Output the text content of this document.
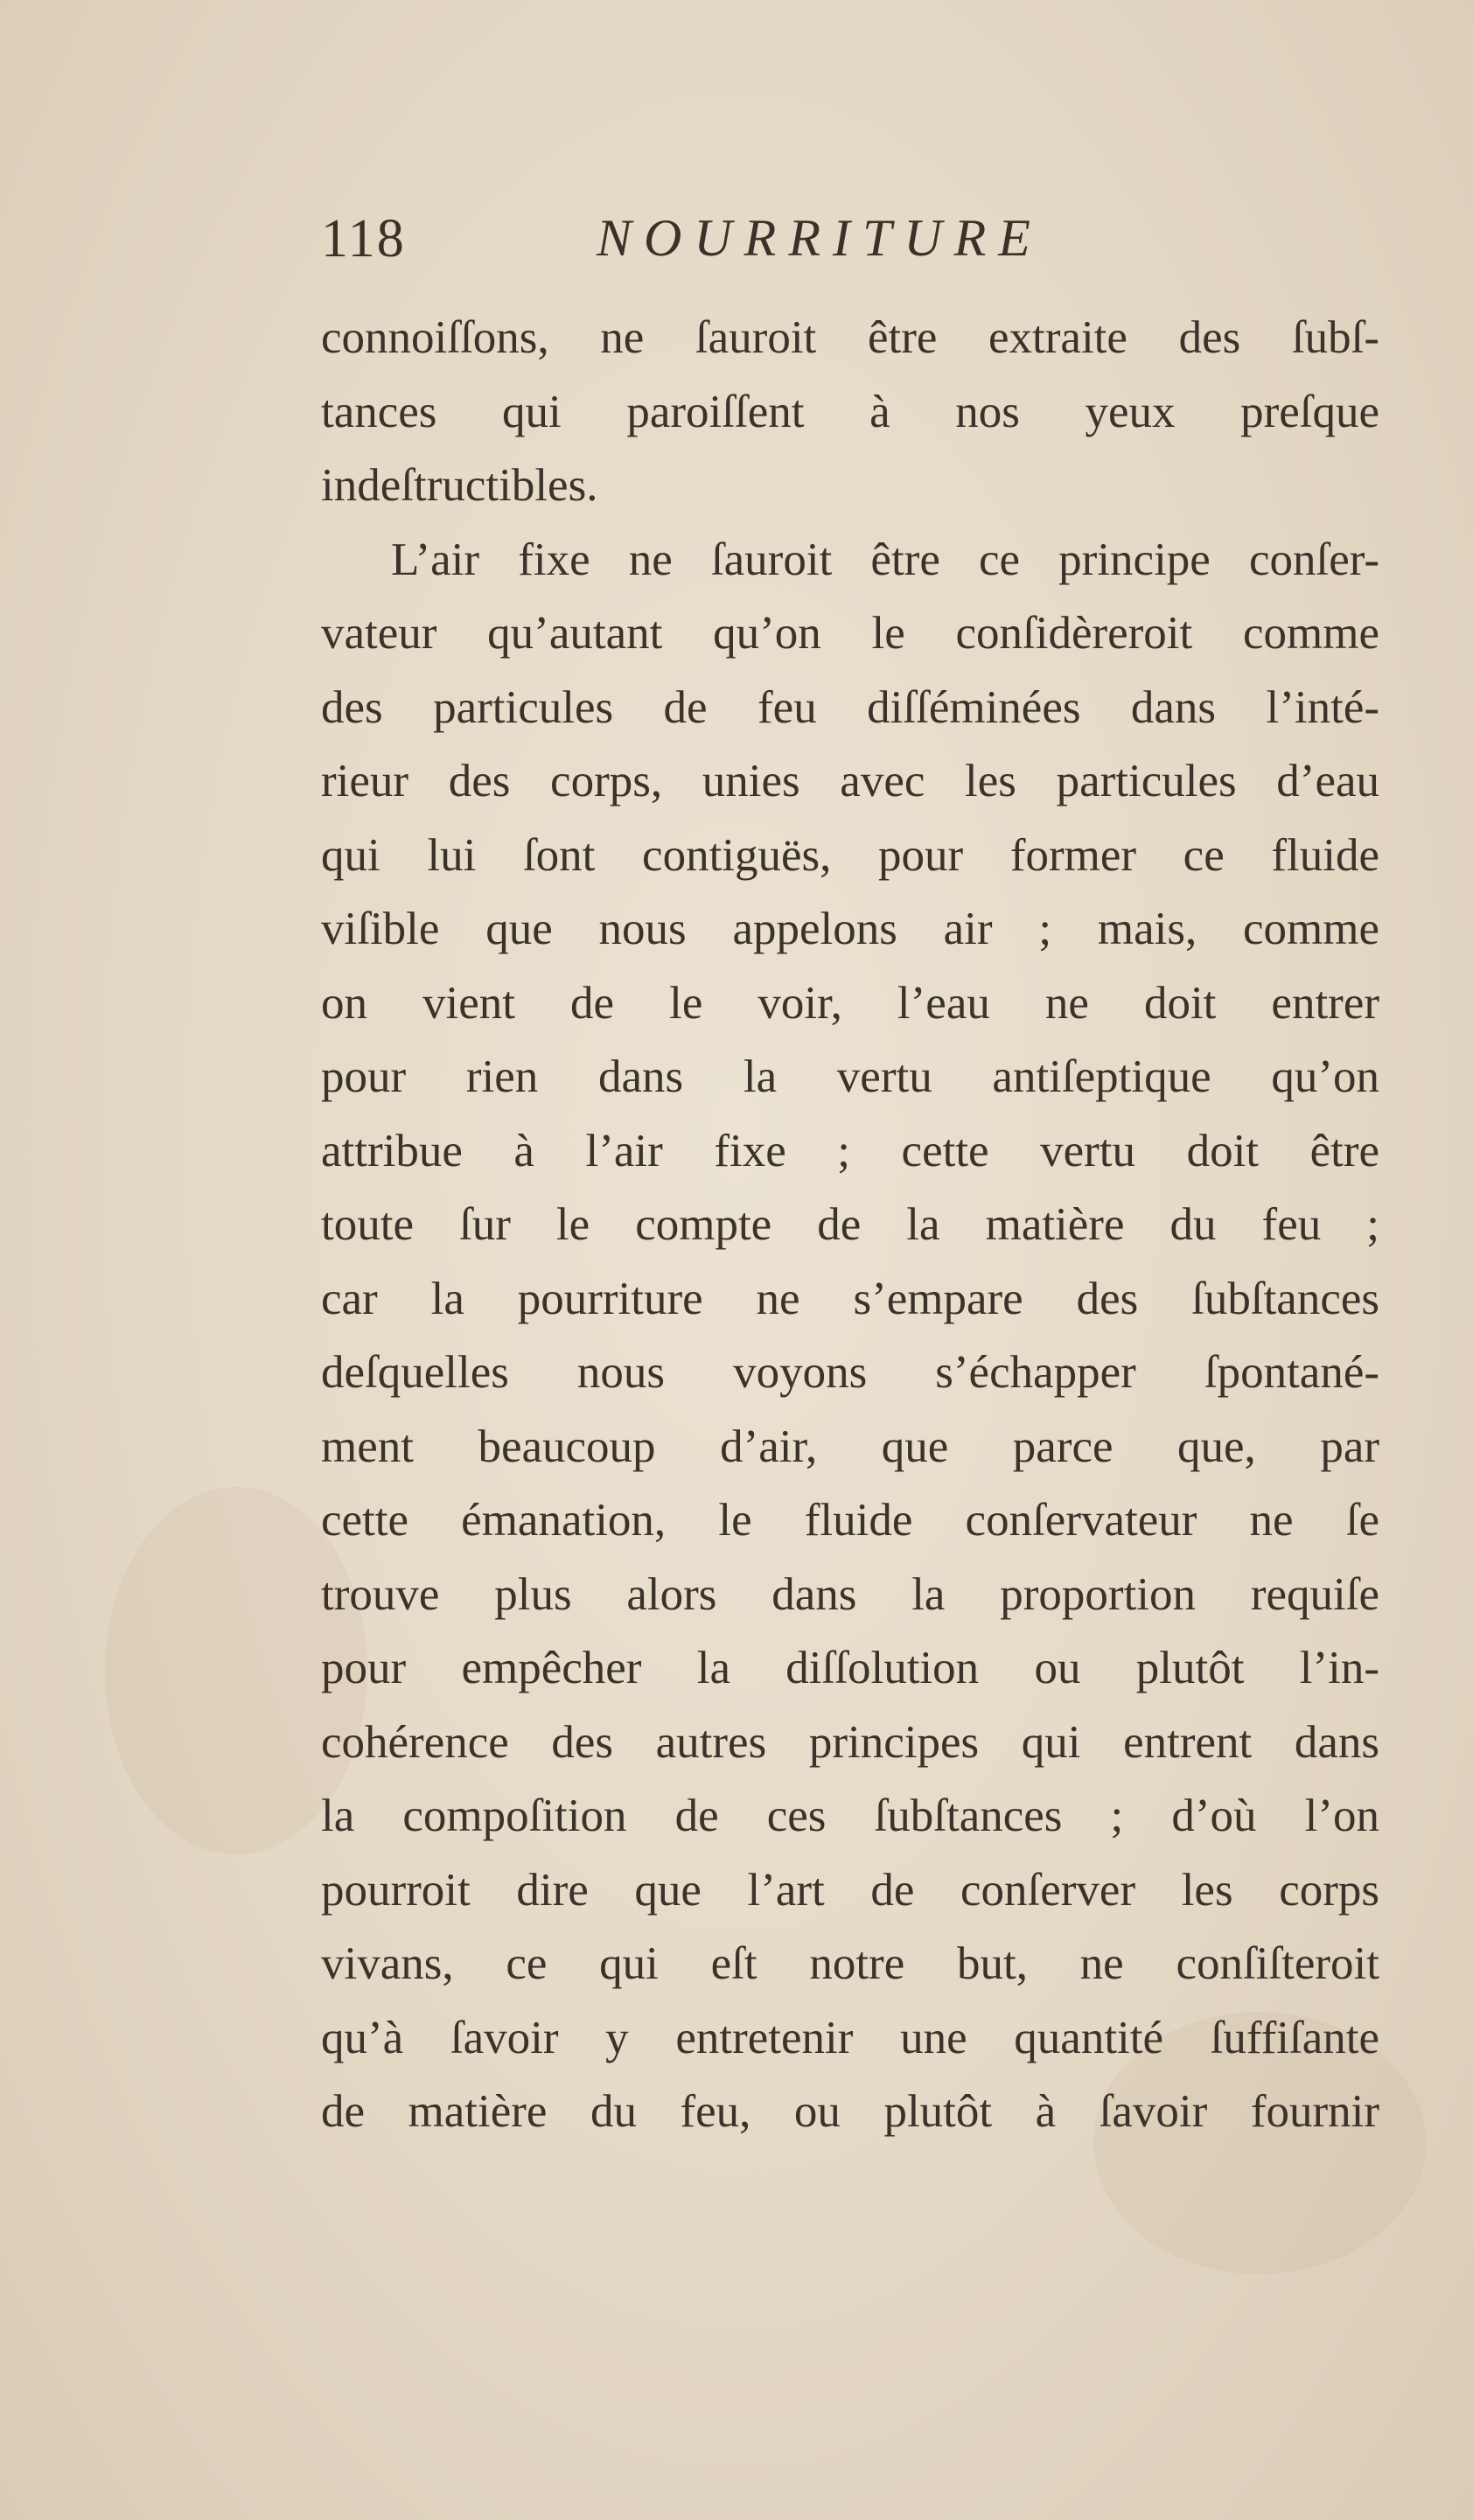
118	NOURRITURE
connoiſſons, ne ſauroit être extraite des ſubſ-
tances qui paroiſſent à nos yeux preſque
indeſtructibles.
L’air fixe ne ſauroit être ce principe conſer-
vateur qu’autant qu’on le conſidèreroit comme
des particules de feu diſſéminées dans l’inté-
rieur des corps, unies avec les particules d’eau
qui lui ſont contiguës, pour former ce fluide
viſible que nous appelons air ; mais, comme
on vient de le voir, l’eau ne doit entrer
pour rien dans la vertu antiſeptique qu’on
attribue à l’air fixe ; cette vertu doit être
toute ſur le compte de la matière du feu ;
car la pourriture ne s’empare des ſubſtances
deſquelles nous voyons s’échapper ſpontané-
ment beaucoup d’air, que parce que, par
cette émanation, le fluide conſervateur ne ſe
trouve plus alors dans la proportion requiſe
pour empêcher la diſſolution ou plutôt l’in-
cohérence des autres principes qui entrent dans
la compoſition de ces ſubſtances ; d’où l’on
pourroit dire que l’art de conſerver les corps
vivans, ce qui eſt notre but, ne conſiſteroit
qu’à ſavoir y entretenir une quantité ſuffiſante
de matière du feu, ou plutôt à ſavoir fournir
